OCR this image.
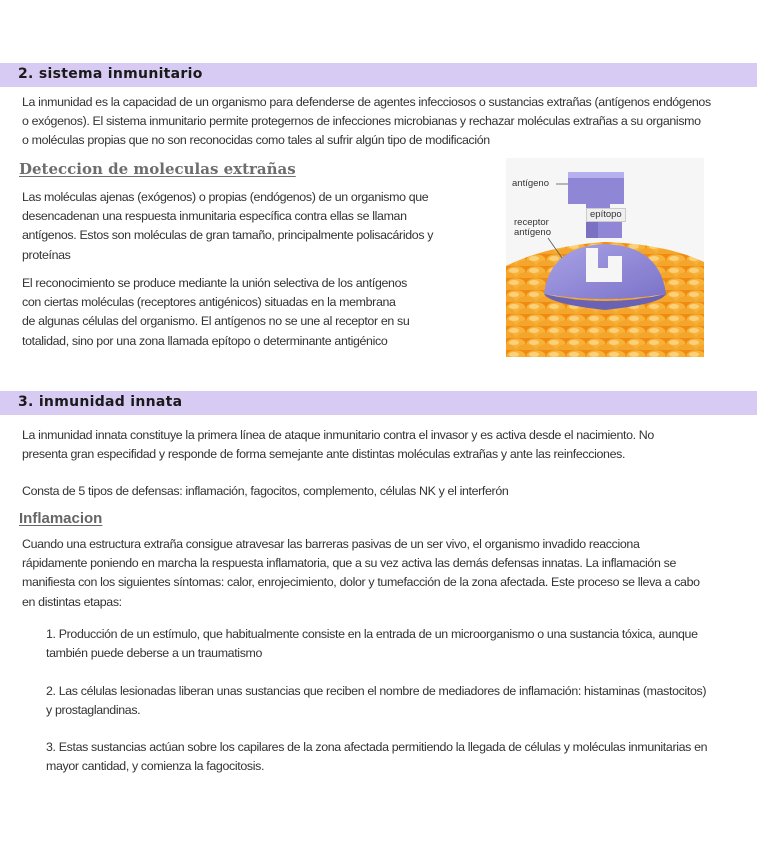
2. sistema inmunitario
La inmunidad es la capacidad de un organismo para defenderse de agentes infecciosos o sustancias extrañas (antígenos endógenos
o exógenos). El sistema inmunitario permite protegernos de infecciones microbianas y rechazar moléculas extrañas a su organismo
o moléculas propias que no son reconocidas como tales al sufrir algún tipo de modificación
Deteccion de moleculas extrañas
Las moléculas ajenas (exógenos) o propias (endógenos) de un organismo que
desencadenan una respuesta inmunitaria específica contra ellas se llaman
antígenos. Estos son moléculas de gran tamaño, principalmente polisacáridos y
proteínas
El reconocimiento se produce mediante la unión selectiva de los antígenos
con ciertas moléculas (receptores antigénicos) situadas en la membrana
de algunas células del organismo. El antígenos no se une al receptor en su
totalidad, sino por una zona llamada epítopo o determinante antigénico
antígeno
epítopo
receptor
antígeno
3. inmunidad innata
La inmunidad innata constituye la primera línea de ataque inmunitario contra el invasor y es activa desde el nacimiento. No
presenta gran especifidad y responde de forma semejante ante distintas moléculas extrañas y ante las reinfecciones.
Consta de 5 tipos de defensas: inflamación, fagocitos, complemento, células NK y el interferón
Inflamacion
Cuando una estructura extraña consigue atravesar las barreras pasivas de un ser vivo, el organismo invadido reacciona
rápidamente poniendo en marcha la respuesta inflamatoria, que a su vez activa las demás defensas innatas. La inflamación se
manifiesta con los siguientes síntomas: calor, enrojecimiento, dolor y tumefacción de la zona afectada. Este proceso se lleva a cabo
en distintas etapas:
1. Producción de un estímulo, que habitualmente consiste en la entrada de un microorganismo o una sustancia tóxica, aunque
también puede deberse a un traumatismo
2. Las células lesionadas liberan unas sustancias que reciben el nombre de mediadores de inflamación: histaminas (mastocitos)
y prostaglandinas.
3. Estas sustancias actúan sobre los capilares de la zona afectada permitiendo la llegada de células y moléculas inmunitarias en
mayor cantidad, y comienza la fagocitosis.
